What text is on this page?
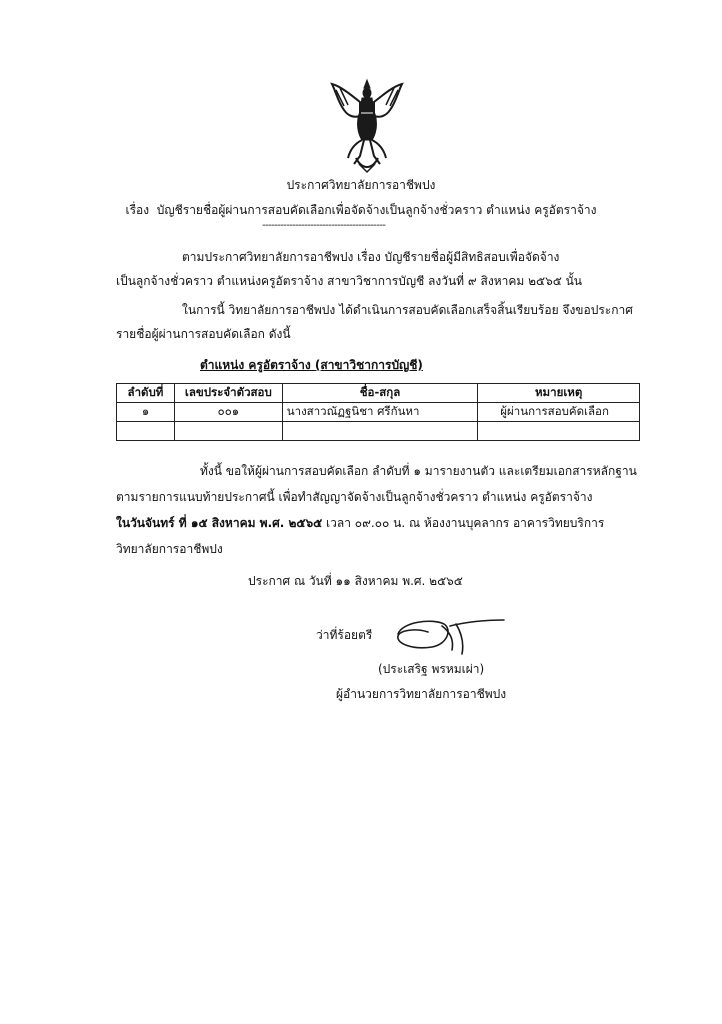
ประกาศวิทยาลัยการอาชีพปง
เรื่อง บัญชีรายชื่อผู้ผ่านการสอบคัดเลือกเพื่อจัดจ้างเป็นลูกจ้างชั่วคราว ตำแหน่ง ครูอัตราจ้าง
-----------------------------------------
ตามประกาศวิทยาลัยการอาชีพปง เรื่อง บัญชีรายชื่อผู้มีสิทธิสอบเพื่อจัดจ้าง
เป็นลูกจ้างชั่วคราว ตำแหน่งครูอัตราจ้าง สาขาวิชาการบัญชี ลงวันที่ ๙ สิงหาคม ๒๕๖๕ นั้น
ในการนี้ วิทยาลัยการอาชีพปง ได้ดำเนินการสอบคัดเลือกเสร็จสิ้นเรียบร้อย จึงขอประกาศ
รายชื่อผู้ผ่านการสอบคัดเลือก ดังนี้
ตำแหน่ง ครูอัตราจ้าง (สาขาวิชาการบัญชี)
ลำดับที่	เลขประจำตัวสอบ	ชื่อ-สกุล	หมายเหตุ
๑	๐๐๑	นางสาวณัฏฐนิชา ศรีกันหา	ผู้ผ่านการสอบคัดเลือก

ทั้งนี้ ขอให้ผู้ผ่านการสอบคัดเลือก ลำดับที่ ๑ มารายงานตัว และเตรียมเอกสารหลักฐาน
ตามรายการแนบท้ายประกาศนี้ เพื่อทำสัญญาจัดจ้างเป็นลูกจ้างชั่วคราว ตำแหน่ง ครูอัตราจ้าง
ในวันจันทร์ ที่ ๑๕ สิงหาคม พ.ศ. ๒๕๖๕ เวลา ๐๙.๐๐ น. ณ ห้องงานบุคลากร อาคารวิทยบริการ
วิทยาลัยการอาชีพปง
ประกาศ ณ วันที่ ๑๑ สิงหาคม พ.ศ. ๒๕๖๕
ว่าที่ร้อยตรี
(ประเสริฐ พรหมเผ่า)
ผู้อำนวยการวิทยาลัยการอาชีพปง
